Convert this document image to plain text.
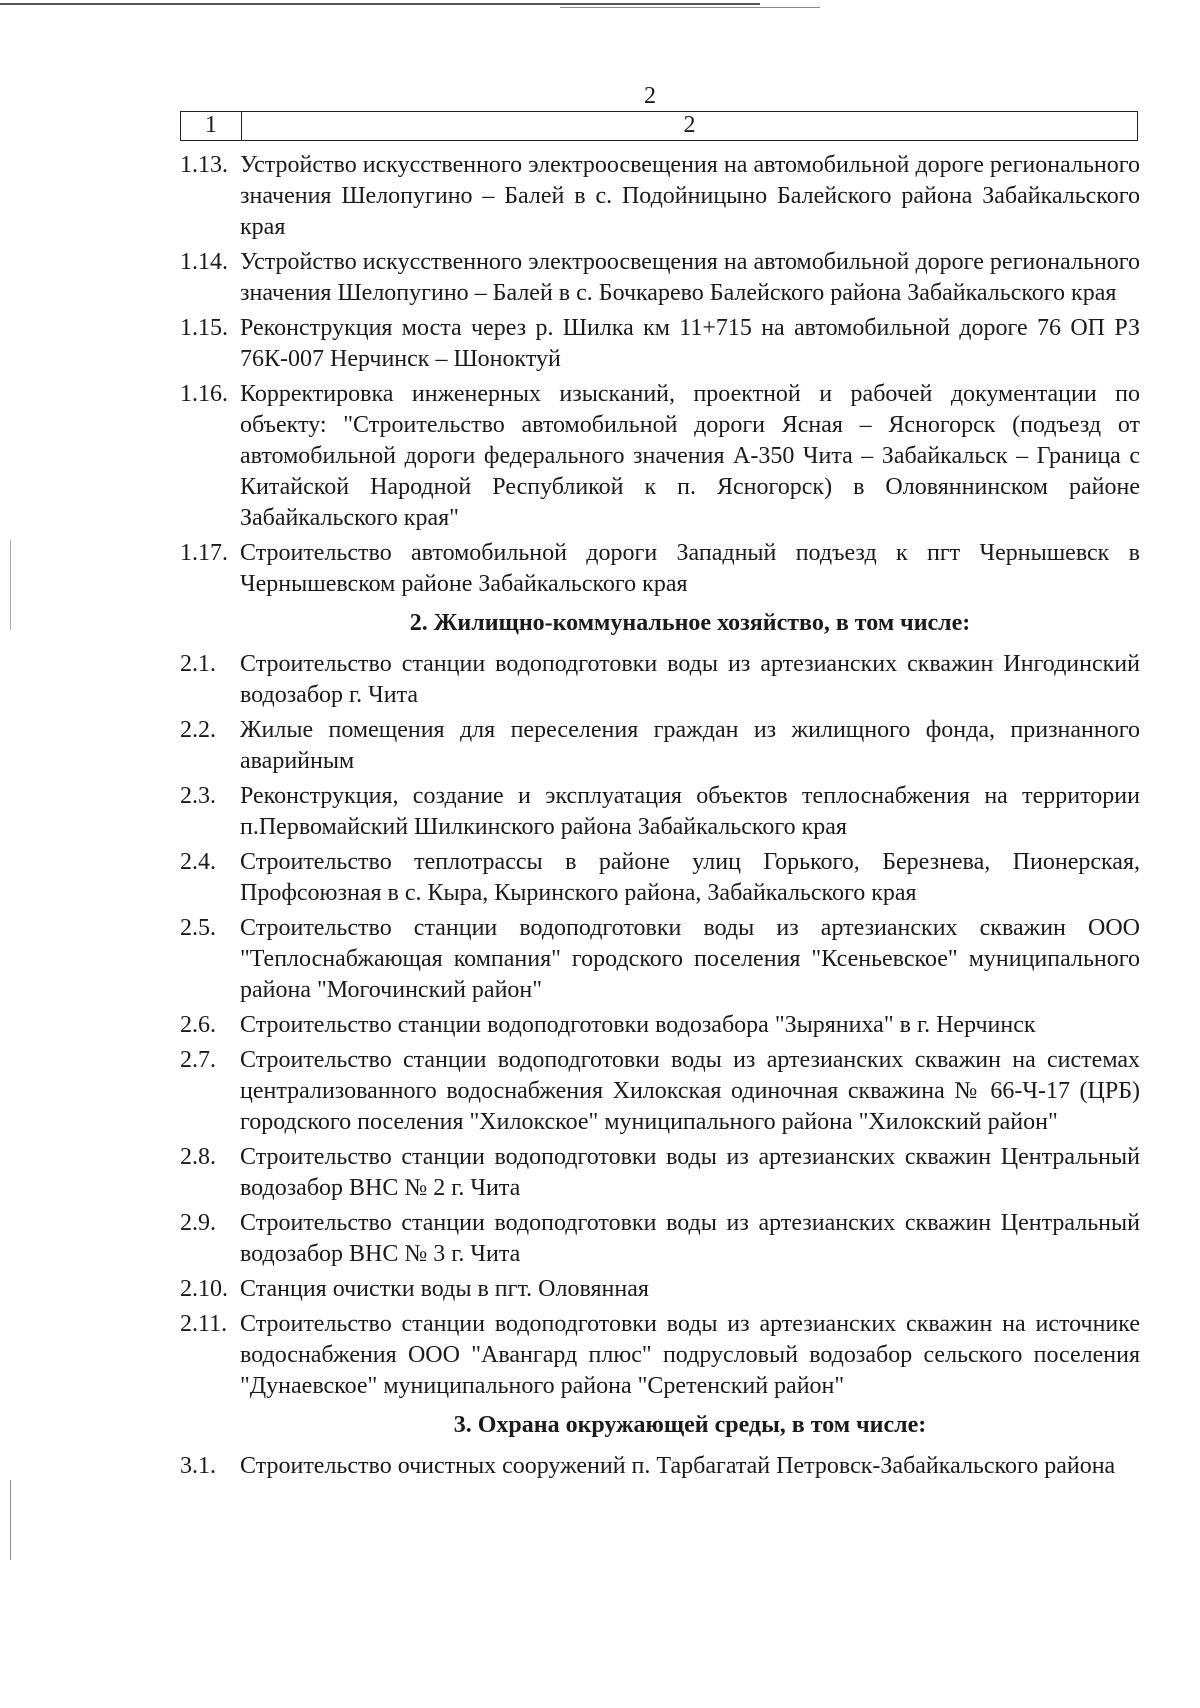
2
1	2
1.13. Устройство искусственного электроосвещения на автомобильной дороге регионального значения Шелопугино – Балей в с. Подойницыно Балейского района Забайкальского края
1.14. Устройство искусственного электроосвещения на автомобильной дороге регионального значения Шелопугино – Балей в с. Бочкарево Балейского района Забайкальского края
1.15. Реконструкция моста через р. Шилка км 11+715 на автомобильной дороге 76 ОП РЗ 76К-007 Нерчинск – Шоноктуй
1.16. Корректировка инженерных изысканий, проектной и рабочей документации по объекту: "Строительство автомобильной дороги Ясная – Ясногорск (подъезд от автомобильной дороги федерального значения А-350 Чита – Забайкальск – Граница с Китайской Народной Республикой к п. Ясногорск) в Оловяннинском районе Забайкальского края"
1.17. Строительство автомобильной дороги Западный подъезд к пгт Чернышевск в Чернышевском районе Забайкальского края
2. Жилищно-коммунальное хозяйство, в том числе:
2.1.	Строительство станции водоподготовки воды из артезианских скважин Ингодинский водозабор г. Чита
2.2.	Жилые помещения для переселения граждан из жилищного фонда, признанного аварийным
2.3.	Реконструкция, создание и эксплуатация объектов теплоснабжения на территории п.Первомайский Шилкинского района Забайкальского края
2.4.	Строительство теплотрассы в районе улиц Горького, Березнева, Пионерская, Профсоюзная в с. Кыра, Кыринского района, Забайкальского края
2.5.	Строительство станции водоподготовки воды из артезианских скважин ООО "Теплоснабжающая компания" городского поселения "Ксеньевское" муниципального района "Могочинский район"
2.6.	Строительство станции водоподготовки водозабора "Зыряниха" в г. Нерчинск
2.7.	Строительство станции водоподготовки воды из артезианских скважин на системах централизованного водоснабжения Хилокская одиночная скважина № 66-Ч-17 (ЦРБ) городского поселения "Хилокское" муниципального района "Хилокский район"
2.8.	Строительство станции водоподготовки воды из артезианских скважин Центральный водозабор ВНС № 2 г. Чита
2.9.	Строительство станции водоподготовки воды из артезианских скважин Центральный водозабор ВНС № 3 г. Чита
2.10. Станция очистки воды в пгт. Оловянная
2.11. Строительство станции водоподготовки воды из артезианских скважин на источнике водоснабжения ООО "Авангард плюс" подрусловый водозабор сельского поселения "Дунаевское" муниципального района "Сретенский район"
3. Охрана окружающей среды, в том числе:
3.1.	Строительство очистных сооружений п. Тарбагатай Петровск-Забайкальского района
